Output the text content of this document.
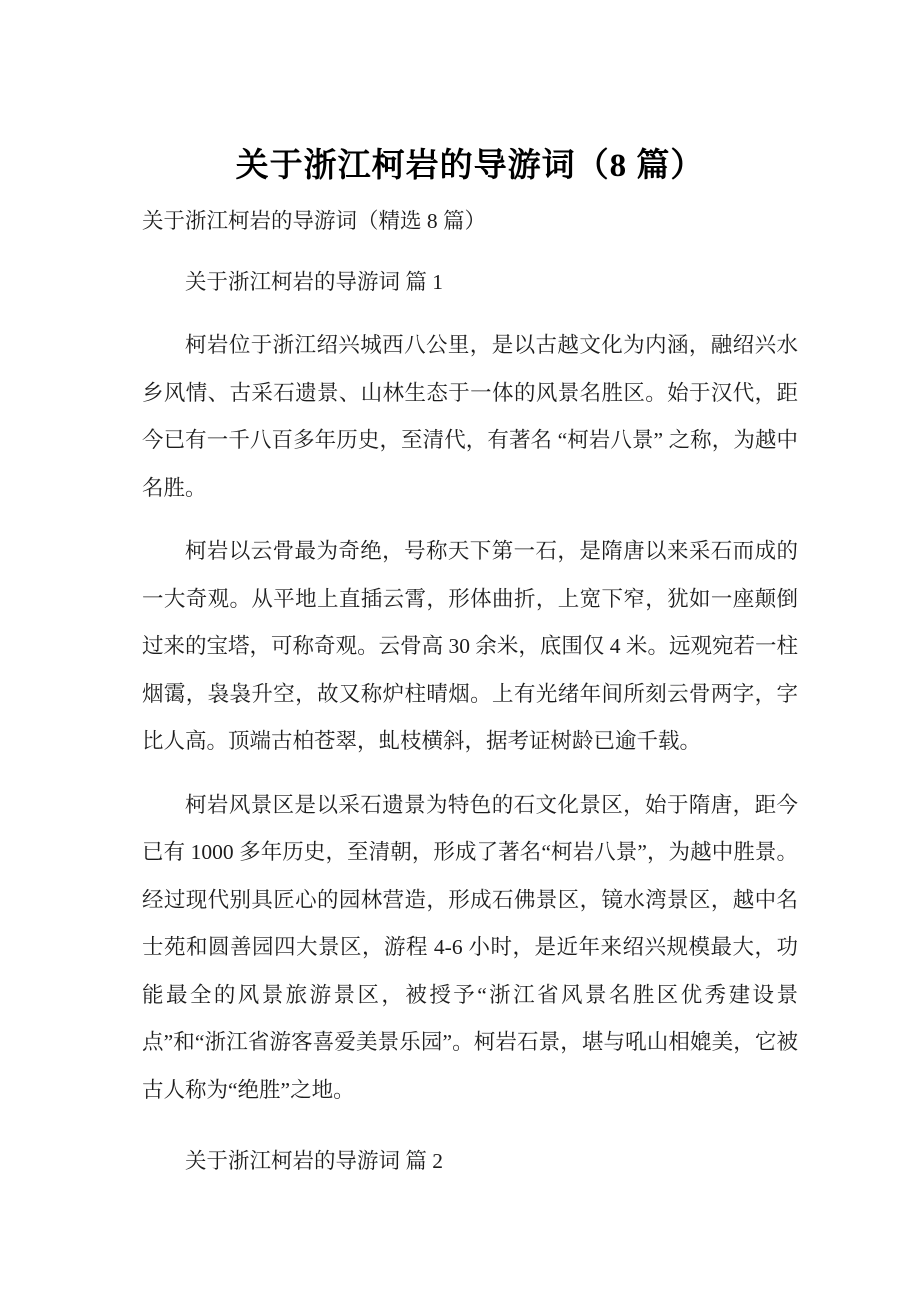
关于浙江柯岩的导游词（8 篇）

关于浙江柯岩的导游词（精选 8 篇）

关于浙江柯岩的导游词 篇 1

柯岩位于浙江绍兴城西八公里，是以古越文化为内涵，融绍兴水乡风情、古采石遗景、山林生态于一体的风景名胜区。始于汉代，距今已有一千八百多年历史，至清代，有著名 “柯岩八景” 之称，为越中名胜。

柯岩以云骨最为奇绝，号称天下第一石，是隋唐以来采石而成的一大奇观。从平地上直插云霄，形体曲折，上宽下窄，犹如一座颠倒过来的宝塔，可称奇观。云骨高 30 余米，底围仅 4 米。远观宛若一柱烟霭，袅袅升空，故又称炉柱晴烟。上有光绪年间所刻云骨两字，字比人高。顶端古柏苍翠，虬枝横斜，据考证树龄已逾千载。

柯岩风景区是以采石遗景为特色的石文化景区，始于隋唐，距今已有 1000 多年历史，至清朝，形成了著名“柯岩八景”，为越中胜景。经过现代别具匠心的园林营造，形成石佛景区，镜水湾景区，越中名士苑和圆善园四大景区，游程 4-6 小时，是近年来绍兴规模最大，功能最全的风景旅游景区，被授予“浙江省风景名胜区优秀建设景点”和“浙江省游客喜爱美景乐园”。柯岩石景，堪与吼山相媲美，它被古人称为“绝胜”之地。

关于浙江柯岩的导游词 篇 2
